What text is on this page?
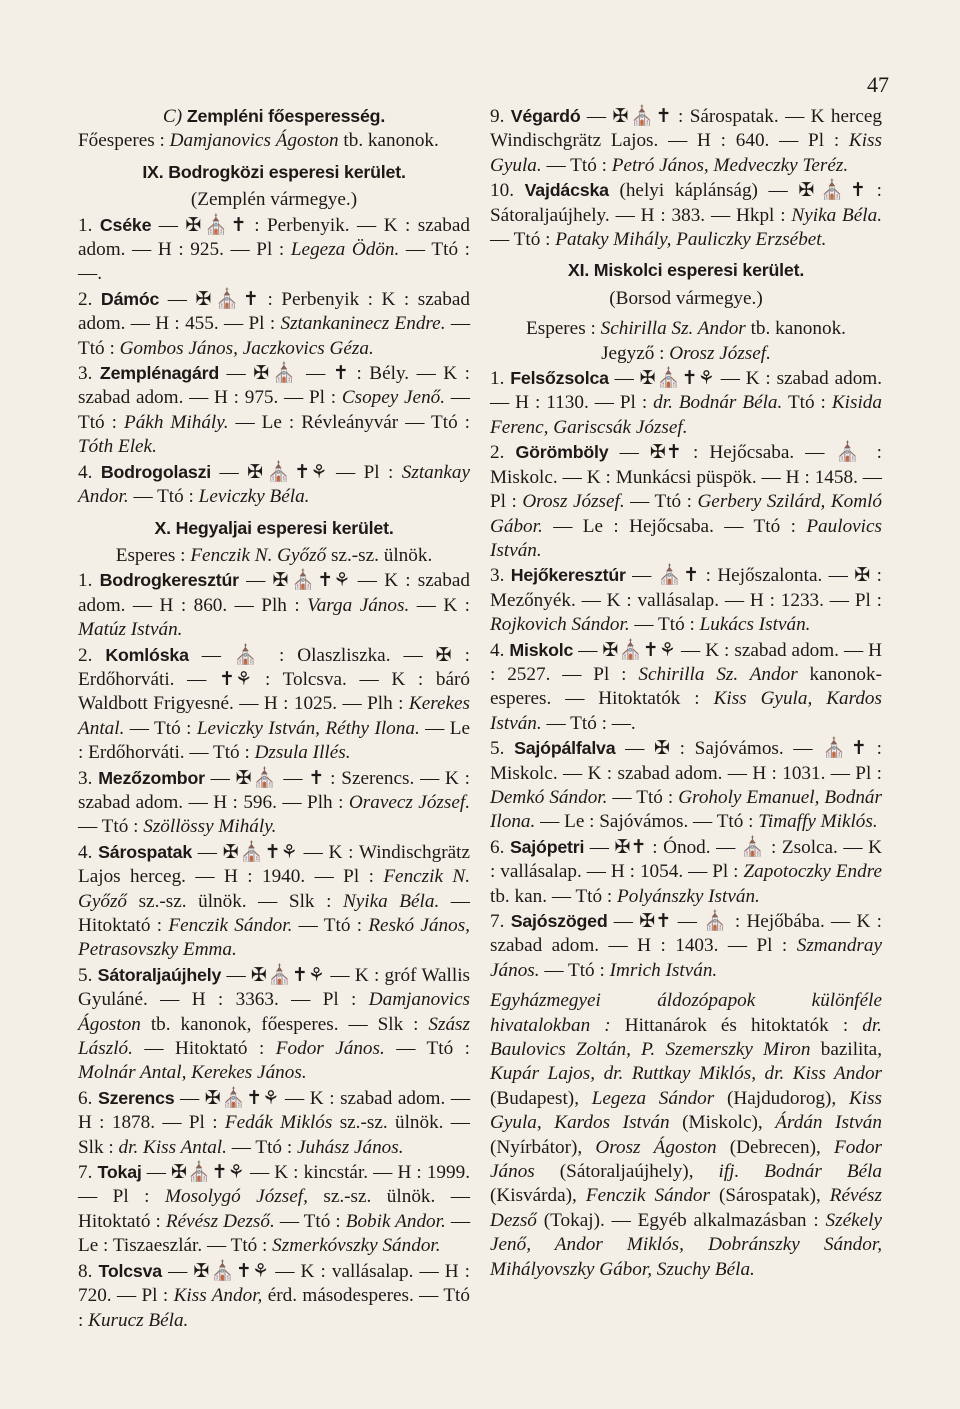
47

C) Zempléni főesperesség.

Főesperes : Damjanovics Ágoston tb. kanonok.

IX. Bodrogközi esperesi kerület.

(Zemplén vármegye.)

1. Cséke — ✠⛪✝ : Perbenyik. — K : szabad adom. — H : 925. — Pl : Legeza Ödön. — Ttó : —.

2. Dámóc — ✠⛪✝ : Perbenyik : K : szabad adom. — H : 455. — Pl : Sztankaninecz Endre. — Ttó : Gombos János, Jaczkovics Géza.

3. Zemplénagárd — ✠⛪ — ✝ : Bély. — K : szabad adom. — H : 975. — Pl : Csopey Jenő. — Ttó : Pákh Mihály. — Le : Révleányvár — Ttó : Tóth Elek.

4. Bodrogolaszi — ✠⛪✝⚘ — Pl : Sztankay Andor. — Ttó : Leviczky Béla.

X. Hegyaljai esperesi kerület.

Esperes : Fenczik N. Győző sz.-sz. ülnök.

1. Bodrogkeresztúr — ✠⛪✝⚘ — K : szabad adom. — H : 860. — Plh : Varga János. — K : Matúz István.

2. Komlóska — ⛪ : Olaszliszka. — ✠ : Erdőhorváti. — ✝⚘ : Tolcsva. — K : báró Waldbott Frigyesné. — H : 1025. — Plh : Kerekes Antal. — Ttó : Leviczky István, Réthy Ilona. — Le : Erdőhorváti. — Ttó : Dzsula Illés.

3. Mezőzombor — ✠⛪ — ✝ : Szerencs. — K : szabad adom. — H : 596. — Plh : Oravecz József. — Ttó : Szöllössy Mihály.

4. Sárospatak — ✠⛪✝⚘ — K : Windischgrätz Lajos herceg. — H : 1940. — Pl : Fenczik N. Győző sz.-sz. ülnök. — Slk : Nyika Béla. — Hitoktató : Fenczik Sándor. — Ttó : Reskó János, Petrasovszky Emma.

5. Sátoraljaújhely — ✠⛪✝⚘ — K : gróf Wallis Gyuláné. — H : 3363. — Pl : Damjanovics Ágoston tb. kanonok, főesperes. — Slk : Szász László. — Hitoktató : Fodor János. — Ttó : Molnár Antal, Kerekes János.

6. Szerencs — ✠⛪✝⚘ — K : szabad adom. — H : 1878. — Pl : Fedák Miklós sz.-sz. ülnök. — Slk : dr. Kiss Antal. — Ttó : Juhász János.

7. Tokaj — ✠⛪✝⚘ — K : kincstár. — H : 1999. — Pl : Mosolygó József, sz.-sz. ülnök. — Hitoktató : Révész Dezső. — Ttó : Bobik Andor. — Le : Tiszaeszlár. — Ttó : Szmerkóvszky Sándor.

8. Tolcsva — ✠⛪✝⚘ — K : vallásalap. — H : 720. — Pl : Kiss Andor, érd. másodesperes. — Ttó : Kurucz Béla.

9. Végardó — ✠⛪✝ : Sárospatak. — K herceg Windischgrätz Lajos. — H : 640. — Pl : Kiss Gyula. — Ttó : Petró János, Medveczky Teréz.

10. Vajdácska (helyi káplánság) — ✠⛪✝ : Sátoraljaújhely. — H : 383. — Hkpl : Nyika Béla. — Ttó : Pataky Mihály, Pauliczky Erzsébet.

XI. Miskolci esperesi kerület.

(Borsod vármegye.)

Esperes : Schirilla Sz. Andor tb. kanonok.

Jegyző : Orosz József.

1. Felsőzsolca — ✠⛪✝⚘ — K : szabad adom. — H : 1130. — Pl : dr. Bodnár Béla. Ttó : Kisida Ferenc, Gariscsák József.

2. Görömböly — ✠✝ : Hejőcsaba. — ⛪ : Miskolc. — K : Munkácsi püspök. — H : 1458. — Pl : Orosz József. — Ttó : Gerbery Szilárd, Komló Gábor. — Le : Hejőcsaba. — Ttó : Paulovics István.

3. Hejőkeresztúr — ⛪✝ : Hejőszalonta. — ✠ : Mezőnyék. — K : vallásalap. — H : 1233. — Pl : Rojkovich Sándor. — Ttó : Lukács István.

4. Miskolc — ✠⛪✝⚘ — K : szabad adom. — H : 2527. — Pl : Schirilla Sz. Andor kanonok-esperes. — Hitoktatók : Kiss Gyula, Kardos István. — Ttó : —.

5. Sajópálfalva — ✠ : Sajóvámos. — ⛪✝ : Miskolc. — K : szabad adom. — H : 1031. — Pl : Demkó Sándor. — Ttó : Groholy Emanuel, Bodnár Ilona. — Le : Sajóvámos. — Ttó : Timaffy Miklós.

6. Sajópetri — ✠✝ : Ónod. — ⛪ : Zsolca. — K : vallásalap. — H : 1054. — Pl : Zapotoczky Endre tb. kan. — Ttó : Polyánszky István.

7. Sajószöged — ✠✝ — ⛪ : Hejőbába. — K : szabad adom. — H : 1403. — Pl : Szmandray János. — Ttó : Imrich István.

Egyházmegyei áldozópapok különféle hivatalokban : Hittanárok és hitoktatók : dr. Baulovics Zoltán, P. Szemerszky Miron bazilita, Kupár Lajos, dr. Ruttkay Miklós, dr. Kiss Andor (Budapest), Legeza Sándor (Hajdudorog), Kiss Gyula, Kardos István (Miskolc), Árdán István (Nyírbátor), Orosz Ágoston (Debrecen), Fodor János (Sátoraljaújhely), ifj. Bodnár Béla (Kisvárda), Fenczik Sándor (Sárospatak), Révész Dezső (Tokaj). — Egyéb alkalmazásban : Székely Jenő, Andor Miklós, Dobránszky Sándor, Mihályovszky Gábor, Szuchy Béla.
